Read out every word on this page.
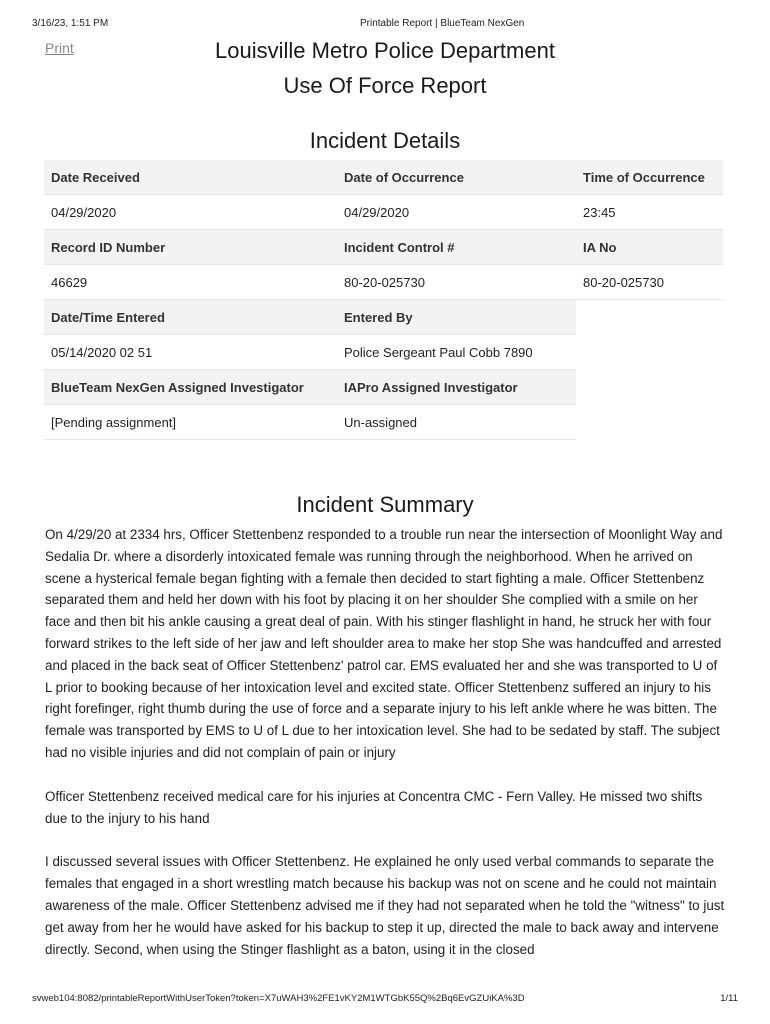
3/16/23, 1:51 PM	Printable Report | BlueTeam NexGen
Print	Louisville Metro Police Department
Use Of Force Report
Incident Details
Date Received	Date of Occurrence	Time of Occurrence
04/29/2020	04/29/2020	23:45
Record ID Number	Incident Control #	IA No
46629	80-20-025730	80-20-025730
Date/Time Entered	Entered By	
05/14/2020 02 51	Police Sergeant Paul Cobb 7890	
BlueTeam NexGen Assigned Investigator	IAPro Assigned Investigator	
[Pending assignment]	Un-assigned	
Incident Summary

On 4/29/20 at 2334 hrs, Officer Stettenbenz responded to a trouble run near the intersection of Moonlight Way and Sedalia Dr. where a disorderly intoxicated female was running through the neighborhood. When he arrived on scene a hysterical female began fighting with a female then decided to start fighting a male. Officer Stettenbenz separated them and held her down with his foot by placing it on her shoulder She complied with a smile on her face and then bit his ankle causing a great deal of pain. With his stinger flashlight in hand, he struck her with four forward strikes to the left side of her jaw and left shoulder area to make her stop She was handcuffed and arrested and placed in the back seat of Officer Stettenbenz' patrol car. EMS evaluated her and she was transported to U of L prior to booking because of her intoxication level and excited state. Officer Stettenbenz suffered an injury to his right forefinger, right thumb during the use of force and a separate injury to his left ankle where he was bitten. The female was transported by EMS to U of L due to her intoxication level. She had to be sedated by staff. The subject had no visible injuries and did not complain of pain or injury

Officer Stettenbenz received medical care for his injuries at Concentra CMC - Fern Valley. He missed two shifts due to the injury to his hand

I discussed several issues with Officer Stettenbenz. He explained he only used verbal commands to separate the females that engaged in a short wrestling match because his backup was not on scene and he could not maintain awareness of the male. Officer Stettenbenz advised me if they had not separated when he told the "witness" to just get away from her he would have asked for his backup to step it up, directed the male to back away and intervene directly. Second, when using the Stinger flashlight as a baton, using it in the closed

svweb104:8082/printableReportWithUserToken?token=X7uWAH3%2FE1vKY2M1WTGbK55Q%2Bq6EvGZUiKA%3D	1/11
